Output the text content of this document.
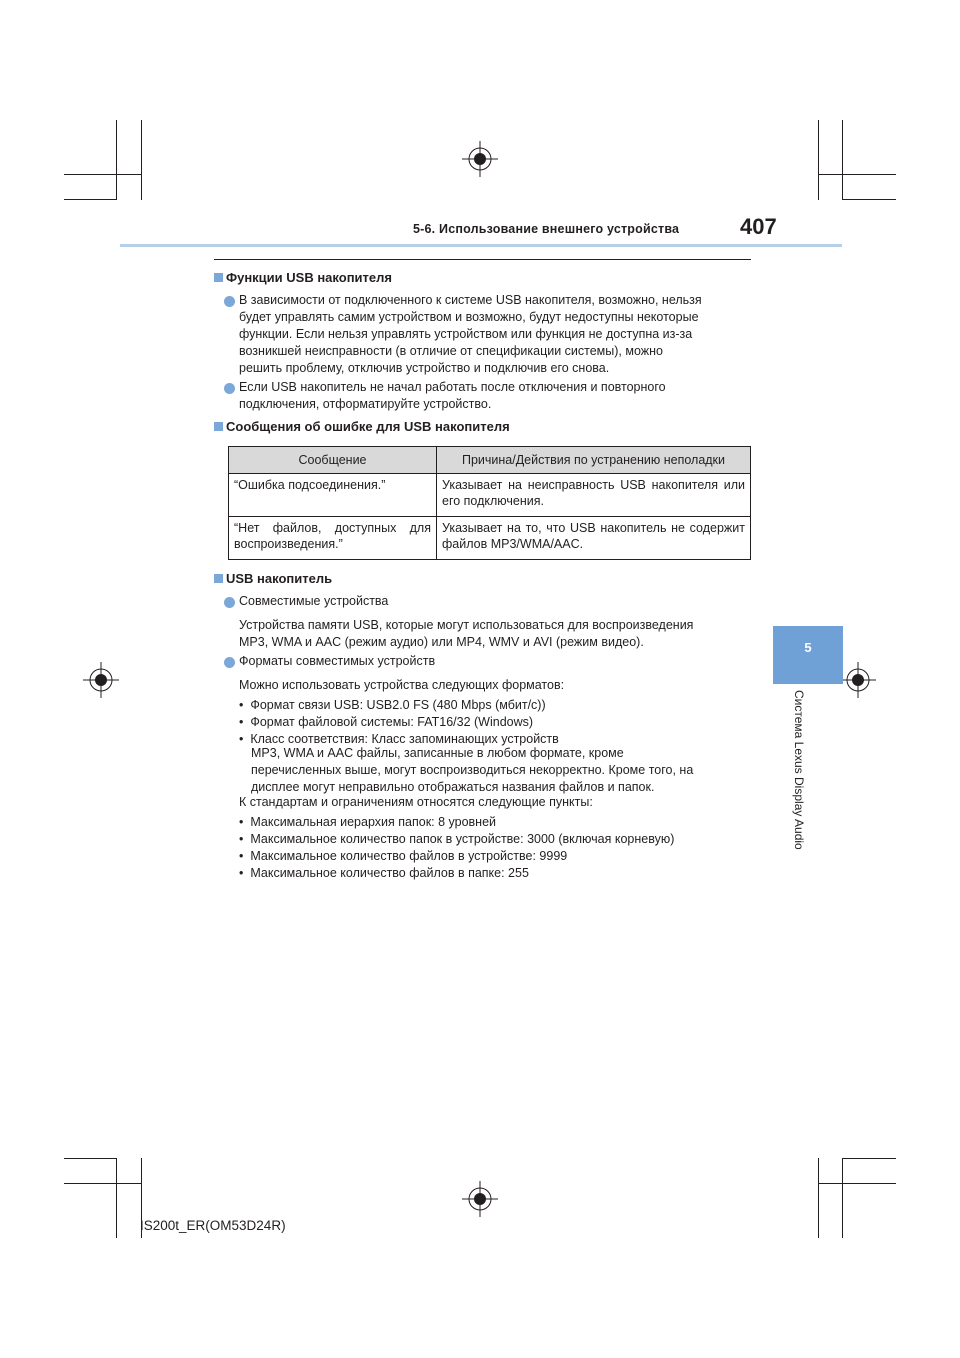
5-6. Использование внешнего устройства	407
5
Система Lexus Display Audio
Функции USB накопителя
В зависимости от подключенного к системе USB накопителя, возможно, нельзя
будет управлять самим устройством и возможно, будут недоступны некоторые
функции. Если нельзя управлять устройством или функция не доступна из-за
возникшей неисправности (в отличие от спецификации системы), можно
решить проблему, отключив устройство и подключив его снова.
Если USB накопитель не начал работать после отключения и повторного
подключения, отформатируйте устройство.
Сообщения об ошибке для USB накопителя
Сообщение	Причина/Действия по устранению неполадки
“Ошибка подсоединения.”	Указывает на неисправность USB накопителя или его подключения.
“Нет файлов, доступных для воспроизведения.”	Указывает на то, что USB накопитель не содержит файлов MP3/WMA/AAC.
USB накопитель
Совместимые устройства
Устройства памяти USB, которые могут использоваться для воспроизведения
MP3, WMA и AAC (режим аудио) или MP4, WMV и AVI (режим видео).
Форматы совместимых устройств
Можно использовать устройства следующих форматов:
•  Формат связи USB: USB2.0 FS (480 Mbps (мбит/с))
•  Формат файловой системы: FAT16/32 (Windows)
•  Класс соответствия: Класс запоминающих устройств
MP3, WMA и AAC файлы, записанные в любом формате, кроме
перечисленных выше, могут воспроизводиться некорректно. Кроме того, на
дисплее могут неправильно отображаться названия файлов и папок.
К стандартам и ограничениям относятся следующие пункты:
•  Максимальная иерархия папок: 8 уровней
•  Максимальное количество папок в устройстве: 3000 (включая корневую)
•  Максимальное количество файлов в устройстве: 9999
•  Максимальное количество файлов в папке: 255
IS200t_ER(OM53D24R)
